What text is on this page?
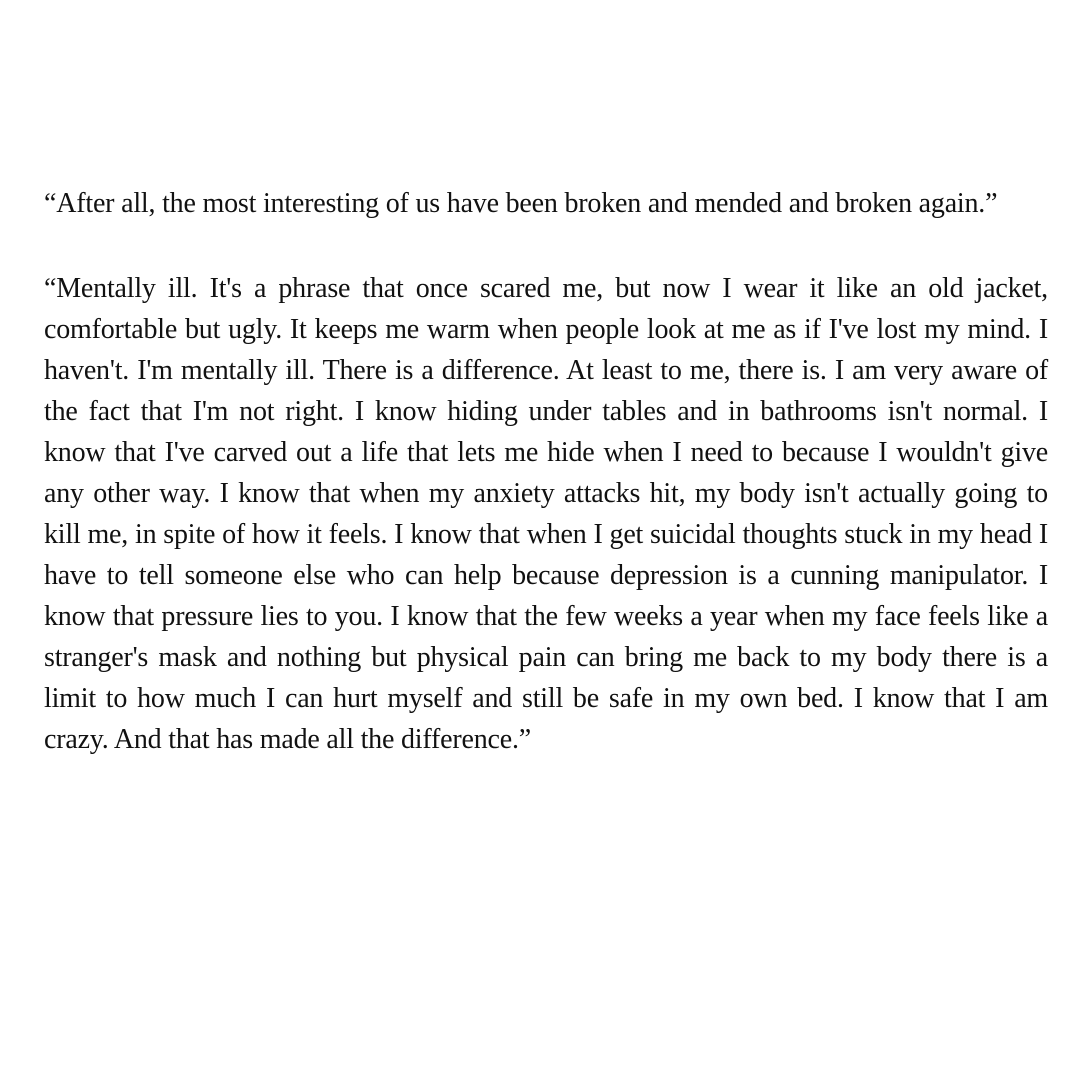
“After all, the most interesting of us have been broken and mended and broken again.”

“Mentally ill. It's a phrase that once scared me, but now I wear it like an old jacket, comfortable but ugly. It keeps me warm when people look at me as if I've lost my mind. I haven't. I'm mentally ill. There is a difference. At least to me, there is. I am very aware of the fact that I'm not right. I know hiding under tables and in bathrooms isn't normal. I know that I've carved out a life that lets me hide when I need to because I wouldn't give any other way. I know that when my anxiety attacks hit, my body isn't actually going to kill me, in spite of how it feels. I know that when I get suicidal thoughts stuck in my head I have to tell someone else who can help because depression is a cunning manipulator. I know that pressure lies to you. I know that the few weeks a year when my face feels like a stranger's mask and nothing but physical pain can bring me back to my body there is a limit to how much I can hurt myself and still be safe in my own bed. I know that I am crazy. And that has made all the difference.”
